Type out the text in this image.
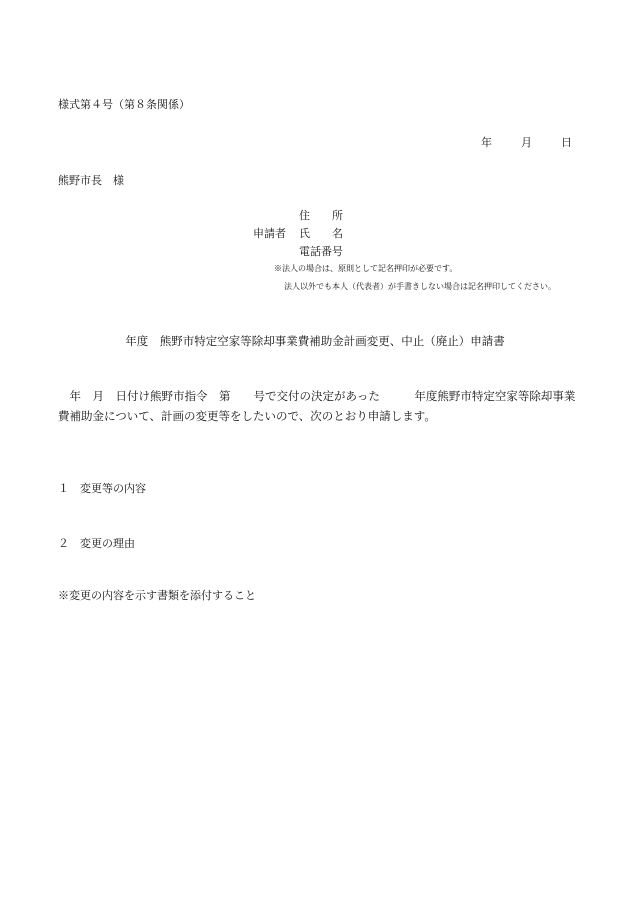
様式第４号（第８条関係）
年	月	日
熊野市長　様
住　　所
申請者	氏　　名
電話番号
※法人の場合は、原則として記名押印が必要です。
法人以外でも本人（代表者）が手書きしない場合は記名押印してください。
年度　熊野市特定空家等除却事業費補助金計画変更、中止（廃止）申請書
　年　月　日付け熊野市指令　第　　号で交付の決定があった　　　年度熊野市特定空家等除却事業費補助金について、計画の変更等をしたいので、次のとおり申請します。
１　変更等の内容
２　変更の理由
※変更の内容を示す書類を添付すること
